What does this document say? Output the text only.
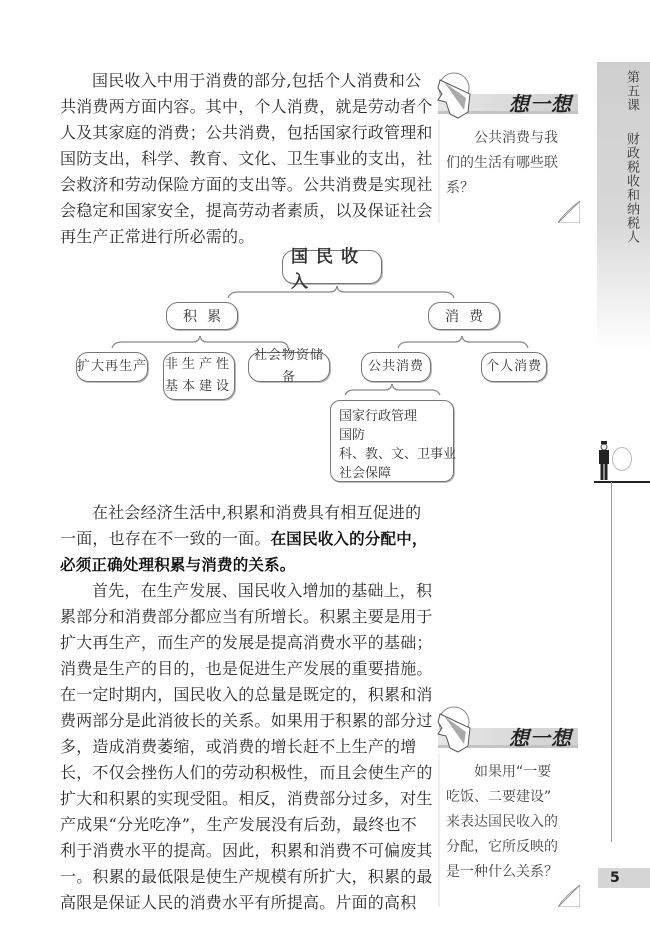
第五课
财政税收和纳税人
国民收入中用于消费的部分,包括个人消费和公
共消费两方面内容。其中，个人消费，就是劳动者个
人及其家庭的消费；公共消费，包括国家行政管理和
国防支出，科学、教育、文化、卫生事业的支出，社
会救济和劳动保险方面的支出等。公共消费是实现社
会稳定和国家安全，提高劳动者素质，以及保证社会
再生产正常进行所必需的。
想一想
公共消费与我
们的生活有哪些联
系？
国民收入
积累	消费
扩大再生产 非生产性
基本建设
社会物资储备
公共消费	个人消费
国家行政管理
国防
科、教、文、卫事业
社会保障
在社会经济生活中,积累和消费具有相互促进的
一面，也存在不一致的一面。在国民收入的分配中，
必须正确处理积累与消费的关系。
首先，在生产发展、国民收入增加的基础上，积
累部分和消费部分都应当有所增长。积累主要是用于
扩大再生产，而生产的发展是提高消费水平的基础；
消费是生产的目的，也是促进生产发展的重要措施。
在一定时期内，国民收入的总量是既定的，积累和消
费两部分是此消彼长的关系。如果用于积累的部分过
多，造成消费萎缩，或消费的增长赶不上生产的增
长，不仅会挫伤人们的劳动积极性，而且会使生产的
扩大和积累的实现受阻。相反，消费部分过多，对生
产成果“分光吃净”，生产发展没有后劲，最终也不
利于消费水平的提高。因此，积累和消费不可偏废其
一。积累的最低限是使生产规模有所扩大，积累的最
高限是保证人民的消费水平有所提高。片面的高积
想一想
如果用“一要
吃饭、二要建设”
来表达国民收入的
分配，它所反映的
是一种什么关系？	5
